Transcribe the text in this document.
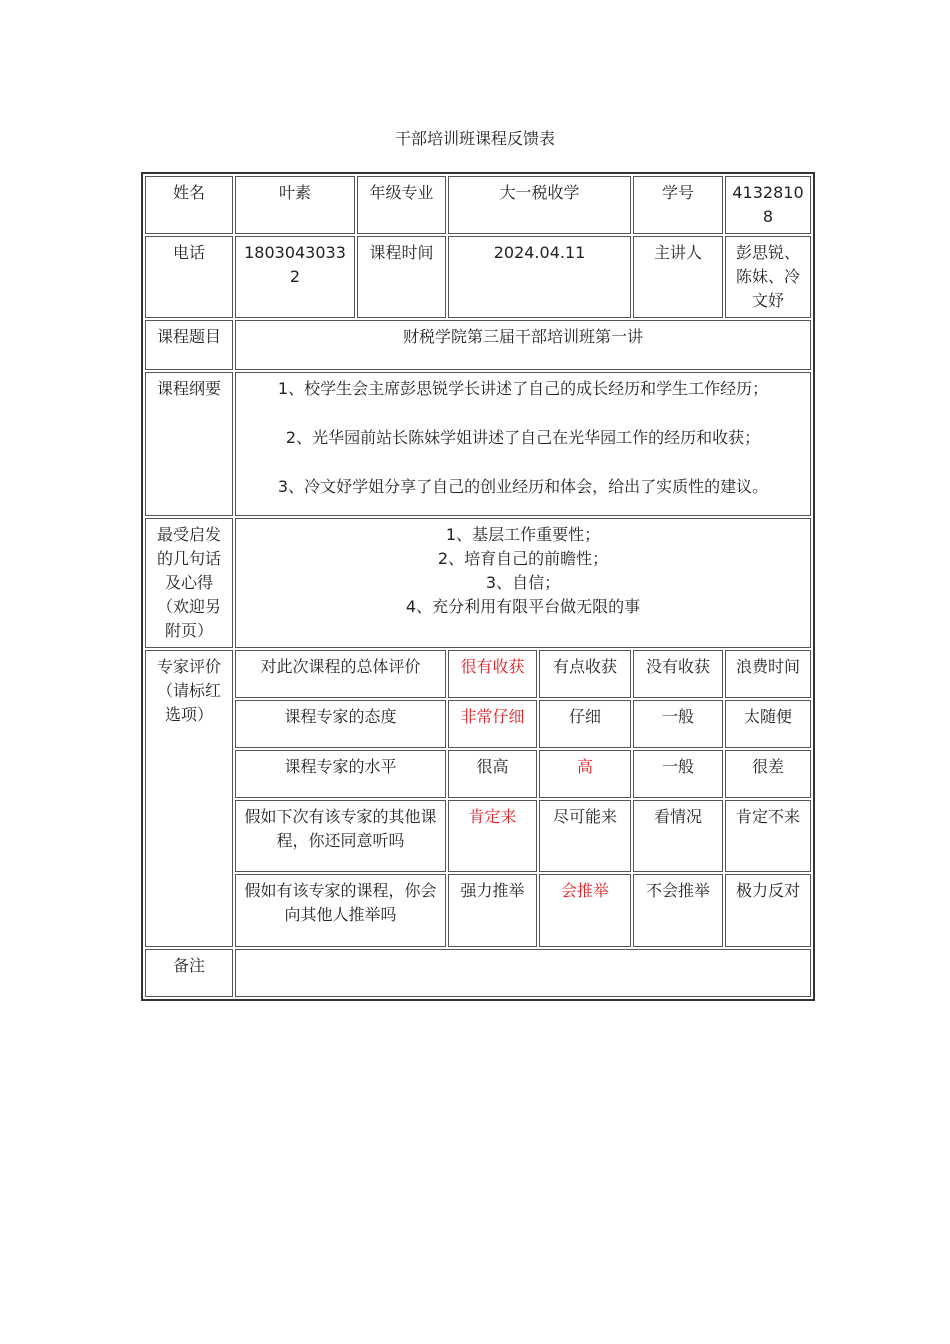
干部培训班课程反馈表
姓名	叶素	年级专业	大一税收学		学号	41328108
电话	18030430332	课程时间	2024.04.11		主讲人	彭思锐、陈妹、冷文妤
课程题目	财税学院第三届干部培训班第一讲					
课程纲要	1、校学生会主席彭思锐学长讲述了自己的成长经历和学生工作经历；

2、光华园前站长陈妹学姐讲述了自己在光华园工作的经历和收获；

3、冷文妤学姐分享了自己的创业经历和体会，给出了实质性的建议。					

最受启发的几句话及心得（欢迎另附页）	1、基层工作重要性；
2、培育自己的前瞻性；
3、自信；
4、充分利用有限平台做无限的事					

专家评价（请标红选项）	对此次课程的总体评价		很有收获	有点收获	没有收获	浪费时间
	课程专家的态度		非常仔细	仔细	一般	太随便
	课程专家的水平		很高	高	一般	很差
	假如下次有该专家的其他课程，你还同意听吗		肯定来	尽可能来	看情况	肯定不来
	假如有该专家的课程，你会向其他人推举吗		强力推举	会推举	不会推举	极力反对
备注						
